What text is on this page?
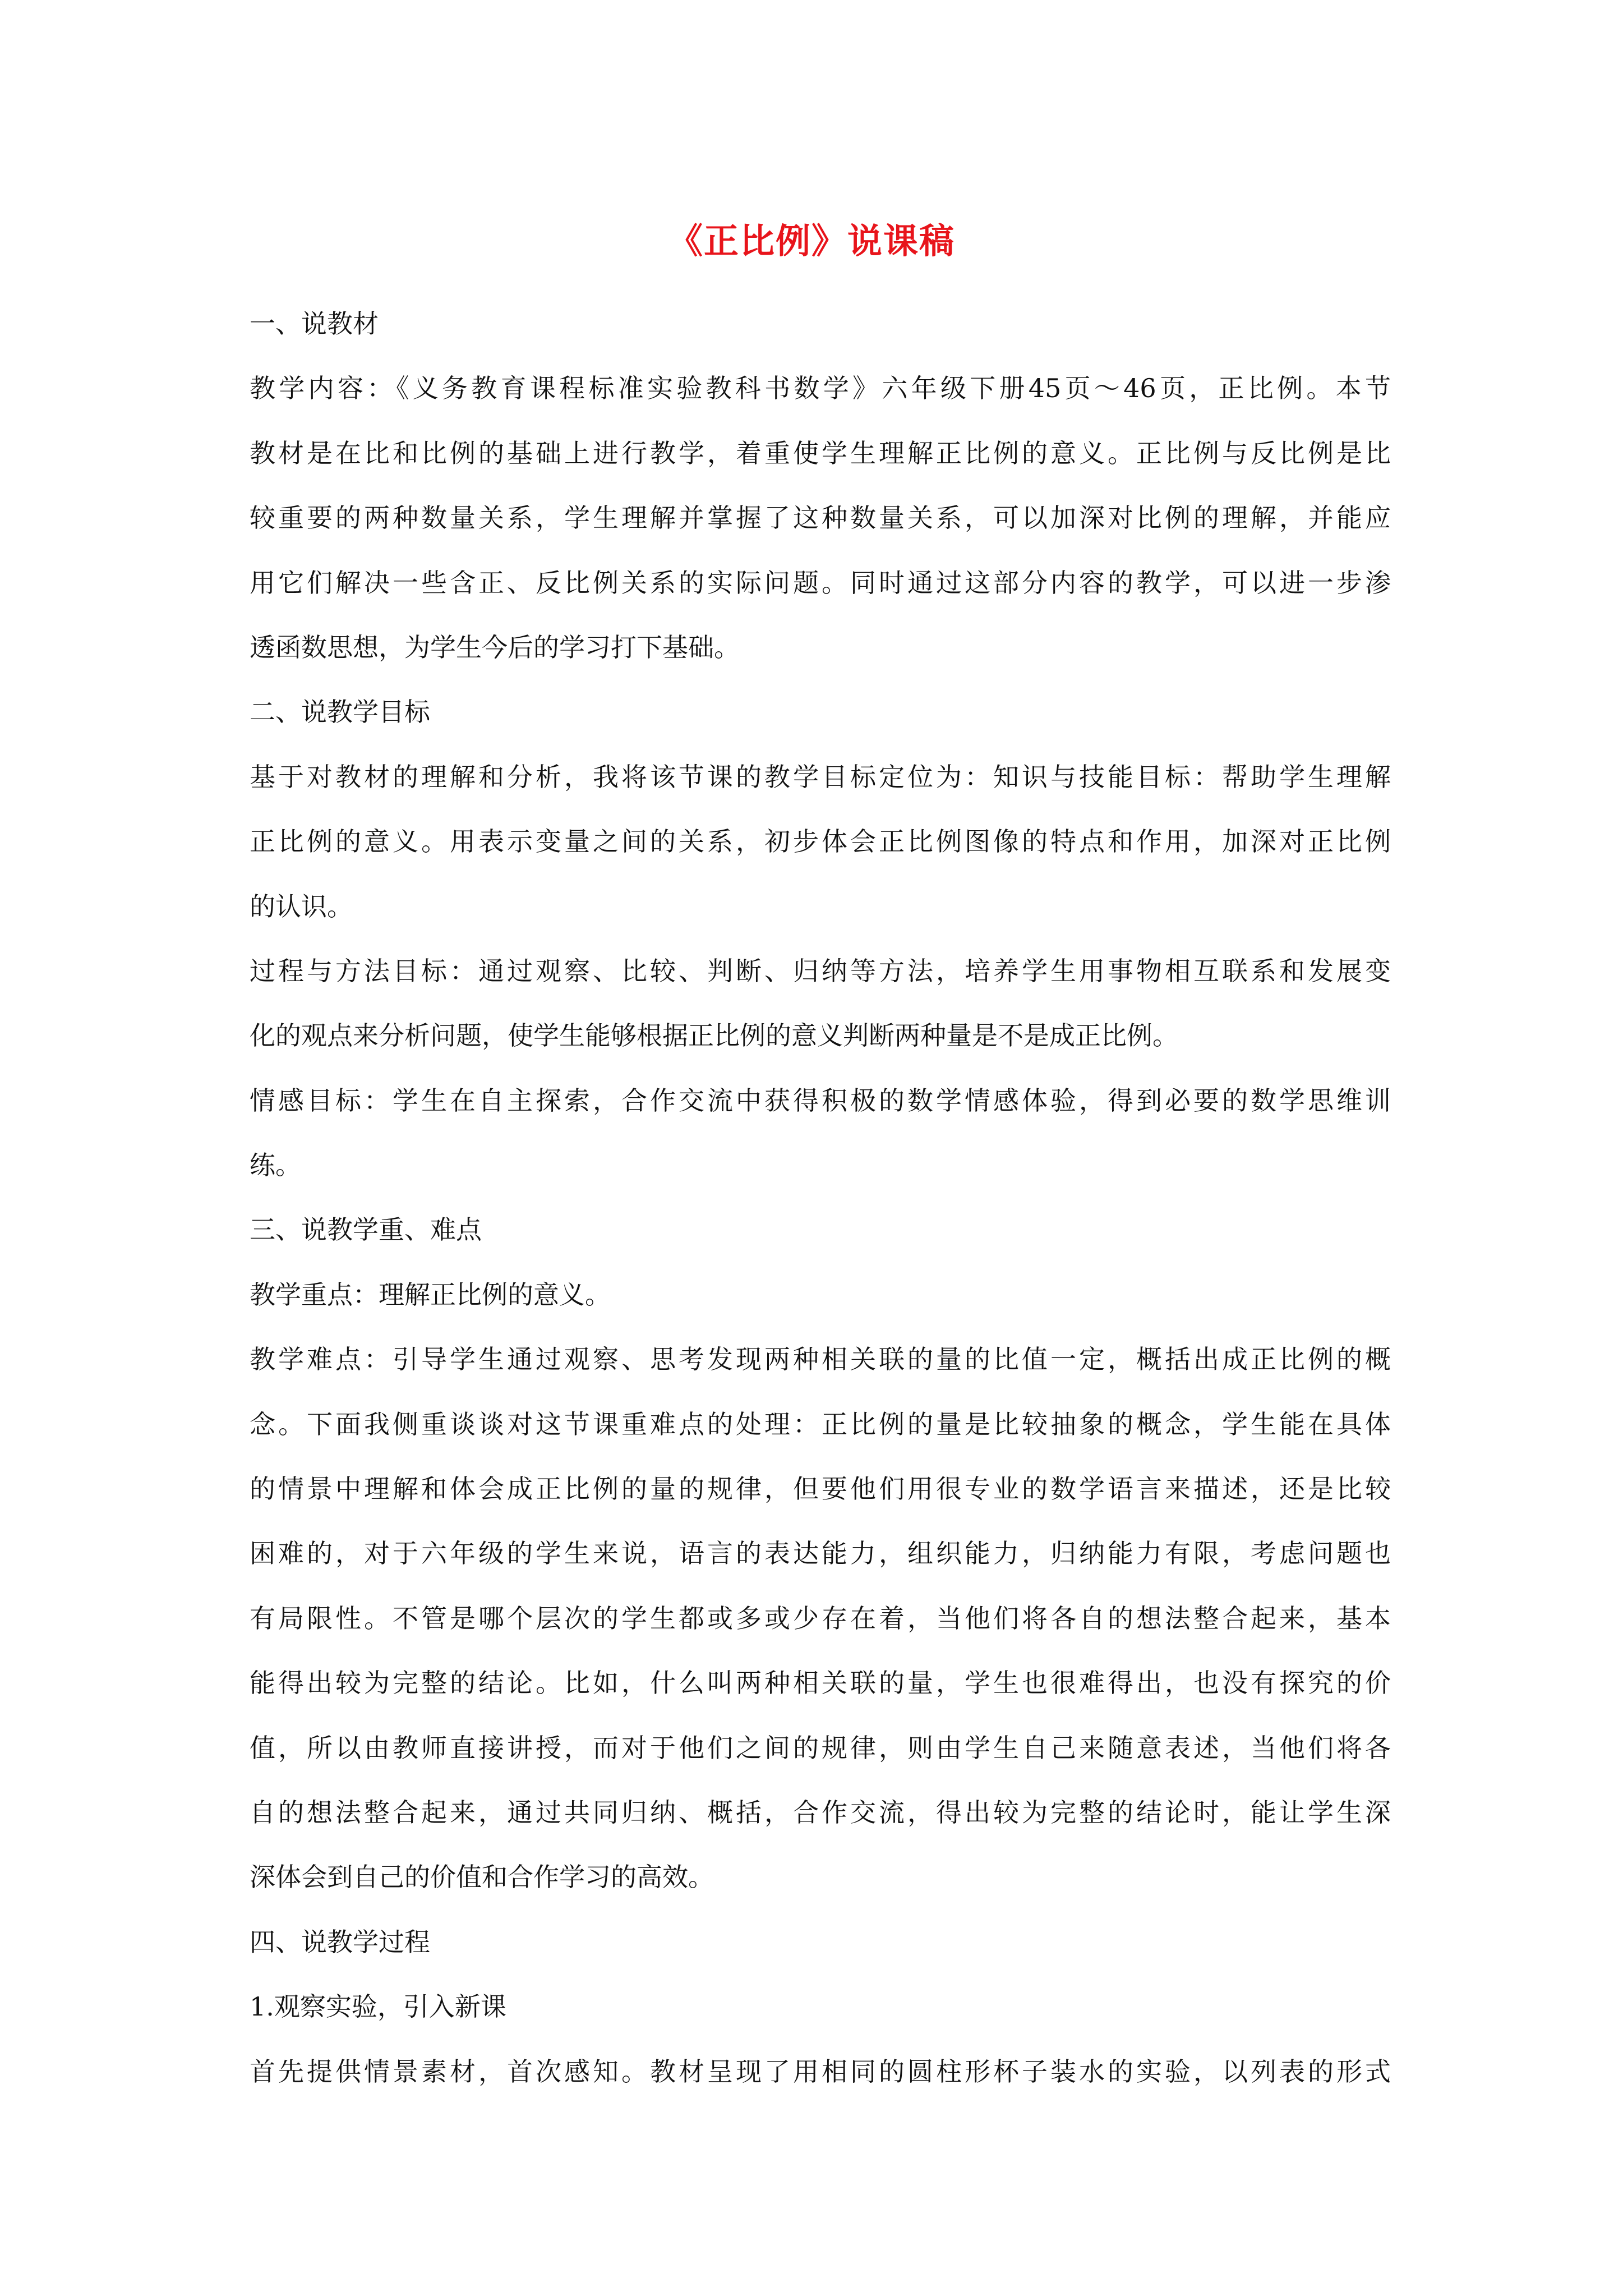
《正比例》说课稿
一、说教材
教学内容：《义务教育课程标准实验教科书数学》六年级下册45页～46页，正比例。本节
教材是在比和比例的基础上进行教学，着重使学生理解正比例的意义。正比例与反比例是比
较重要的两种数量关系，学生理解并掌握了这种数量关系，可以加深对比例的理解，并能应
用它们解决一些含正、反比例关系的实际问题。同时通过这部分内容的教学，可以进一步渗
透函数思想，为学生今后的学习打下基础。
二、说教学目标
基于对教材的理解和分析，我将该节课的教学目标定位为：知识与技能目标：帮助学生理解
正比例的意义。用表示变量之间的关系，初步体会正比例图像的特点和作用，加深对正比例
的认识。
过程与方法目标：通过观察、比较、判断、归纳等方法，培养学生用事物相互联系和发展变
化的观点来分析问题，使学生能够根据正比例的意义判断两种量是不是成正比例。
情感目标：学生在自主探索，合作交流中获得积极的数学情感体验，得到必要的数学思维训
练。
三、说教学重、难点
教学重点：理解正比例的意义。
教学难点：引导学生通过观察、思考发现两种相关联的量的比值一定，概括出成正比例的概
念。下面我侧重谈谈对这节课重难点的处理：正比例的量是比较抽象的概念，学生能在具体
的情景中理解和体会成正比例的量的规律，但要他们用很专业的数学语言来描述，还是比较
困难的，对于六年级的学生来说，语言的表达能力，组织能力，归纳能力有限，考虑问题也
有局限性。不管是哪个层次的学生都或多或少存在着，当他们将各自的想法整合起来，基本
能得出较为完整的结论。比如，什么叫两种相关联的量，学生也很难得出，也没有探究的价
值，所以由教师直接讲授，而对于他们之间的规律，则由学生自己来随意表述，当他们将各
自的想法整合起来，通过共同归纳、概括，合作交流，得出较为完整的结论时，能让学生深
深体会到自己的价值和合作学习的高效。
四、说教学过程
1.观察实验，引入新课
首先提供情景素材，首次感知。教材呈现了用相同的圆柱形杯子装水的实验，以列表的形式
